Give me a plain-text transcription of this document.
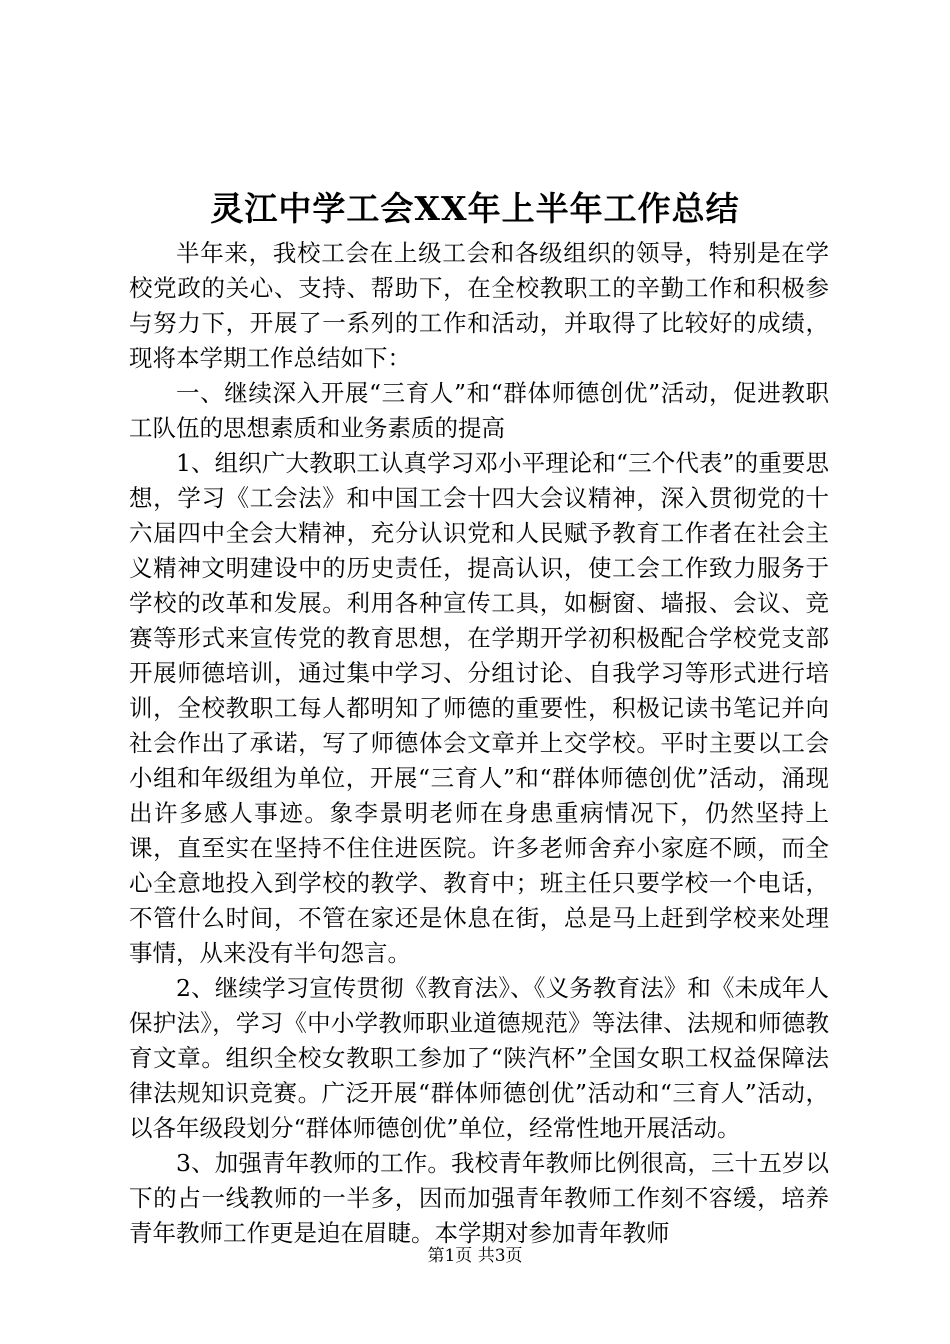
灵江中学工会XX年上半年工作总结

半年来，我校工会在上级工会和各级组织的领导，特别是在学校党政的关心、支持、帮助下，在全校教职工的辛勤工作和积极参与努力下，开展了一系列的工作和活动，并取得了比较好的成绩，现将本学期工作总结如下：

一、继续深入开展“三育人”和“群体师德创优”活动，促进教职工队伍的思想素质和业务素质的提高

1、组织广大教职工认真学习邓小平理论和“三个代表”的重要思想，学习《工会法》和中国工会十四大会议精神，深入贯彻党的十六届四中全会大精神，充分认识党和人民赋予教育工作者在社会主义精神文明建设中的历史责任，提高认识，使工会工作致力服务于学校的改革和发展。利用各种宣传工具，如橱窗、墙报、会议、竞赛等形式来宣传党的教育思想，在学期开学初积极配合学校党支部开展师德培训，通过集中学习、分组讨论、自我学习等形式进行培训，全校教职工每人都明知了师德的重要性，积极记读书笔记并向社会作出了承诺，写了师德体会文章并上交学校。平时主要以工会小组和年级组为单位，开展“三育人”和“群体师德创优”活动，涌现出许多感人事迹。象李景明老师在身患重病情况下，仍然坚持上课，直至实在坚持不住住进医院。许多老师舍弃小家庭不顾，而全心全意地投入到学校的教学、教育中；班主任只要学校一个电话，不管什么时间，不管在家还是休息在街，总是马上赶到学校来处理事情，从来没有半句怨言。

2、继续学习宣传贯彻《教育法》、《义务教育法》和《未成年人保护法》，学习《中小学教师职业道德规范》等法律、法规和师德教育文章。组织全校女教职工参加了“陕汽杯”全国女职工权益保障法律法规知识竞赛。广泛开展“群体师德创优”活动和“三育人”活动，以各年级段划分“群体师德创优”单位，经常性地开展活动。

3、加强青年教师的工作。我校青年教师比例很高，三十五岁以下的占一线教师的一半多，因而加强青年教师工作刻不容缓，培养青年教师工作更是迫在眉睫。本学期对参加青年教师

第1页 共3页
